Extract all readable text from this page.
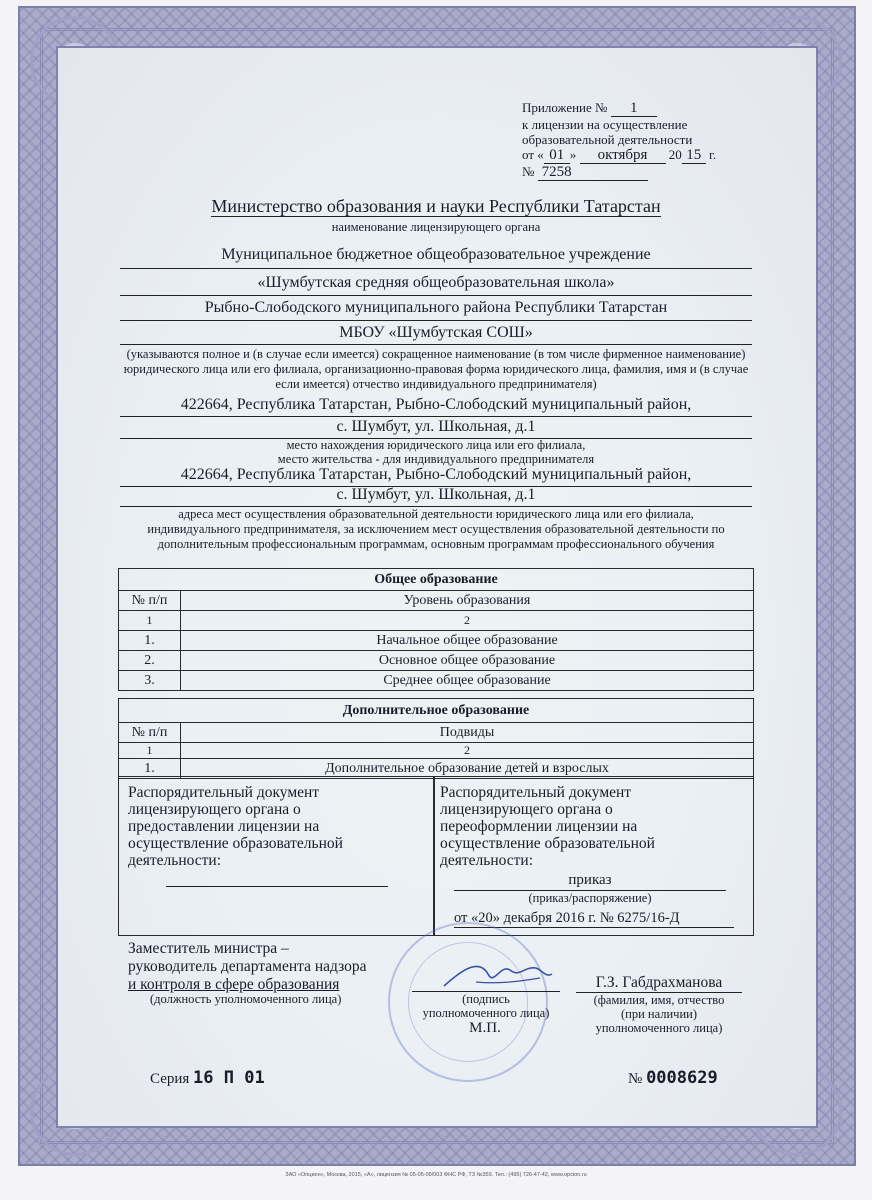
Приложение № 1
к лицензии на осуществление
образовательной деятельности
от « 01 » октября 20 15 г.
№ 7258
Министерство образования и науки Республики Татарстан
наименование лицензирующего органа
Муниципальное бюджетное общеобразовательное учреждение
«Шумбутская средняя общеобразовательная школа»
Рыбно-Слободского муниципального района Республики Татарстан
МБОУ «Шумбутская СОШ»
(указываются полное и (в случае если имеется) сокращенное наименование (в том числе фирменное наименование) юридического лица или его филиала, организационно-правовая форма юридического лица, фамилия, имя и (в случае если имеется) отчество индивидуального предпринимателя)
422664, Республика Татарстан, Рыбно-Слободский муниципальный район,
с. Шумбут, ул. Школьная, д.1
место нахождения юридического лица или его филиала,
место жительства - для индивидуального предпринимателя
422664, Республика Татарстан, Рыбно-Слободский муниципальный район,
с. Шумбут, ул. Школьная, д.1
адреса мест осуществления образовательной деятельности юридического лица или его филиала, индивидуального предпринимателя, за исключением мест осуществления образовательной деятельности по дополнительным профессиональным программам, основным программам профессионального обучения
Общее образование	
№ п/п	Уровень образования
1	2
1.	Начальное общее образование
2.	Основное общее образование
3.	Среднее общее образование
Дополнительное образование	
№ п/п	Подвиды
1	2
1.	Дополнительное образование детей и взрослых
Распорядительный документ
лицензирующего органа о
предоставлении лицензии на
осуществление образовательной
деятельности:
Распорядительный документ
лицензирующего органа о
переоформлении лицензии на
осуществление образовательной
деятельности:
приказ
(приказ/распоряжение)
от «20» декабря 2016 г. № 6275/16-Д
Заместитель министра –
руководитель департамента надзора
и контроля в сфере образования
(должность уполномоченного лица)	(подпись
уполномоченного лица)
М.П.
Г.З. Габдрахманова
(фамилия, имя, отчество
(при наличии)
уполномоченного лица)
Серия 16 П 01	№ 0008629
ЗАО «Опцион», Москва, 2015, «А», лицензия № 05-05-09/003 ФНС РФ, ТЗ №359. Тел.: (495) 726-47-42, www.opcion.ru
